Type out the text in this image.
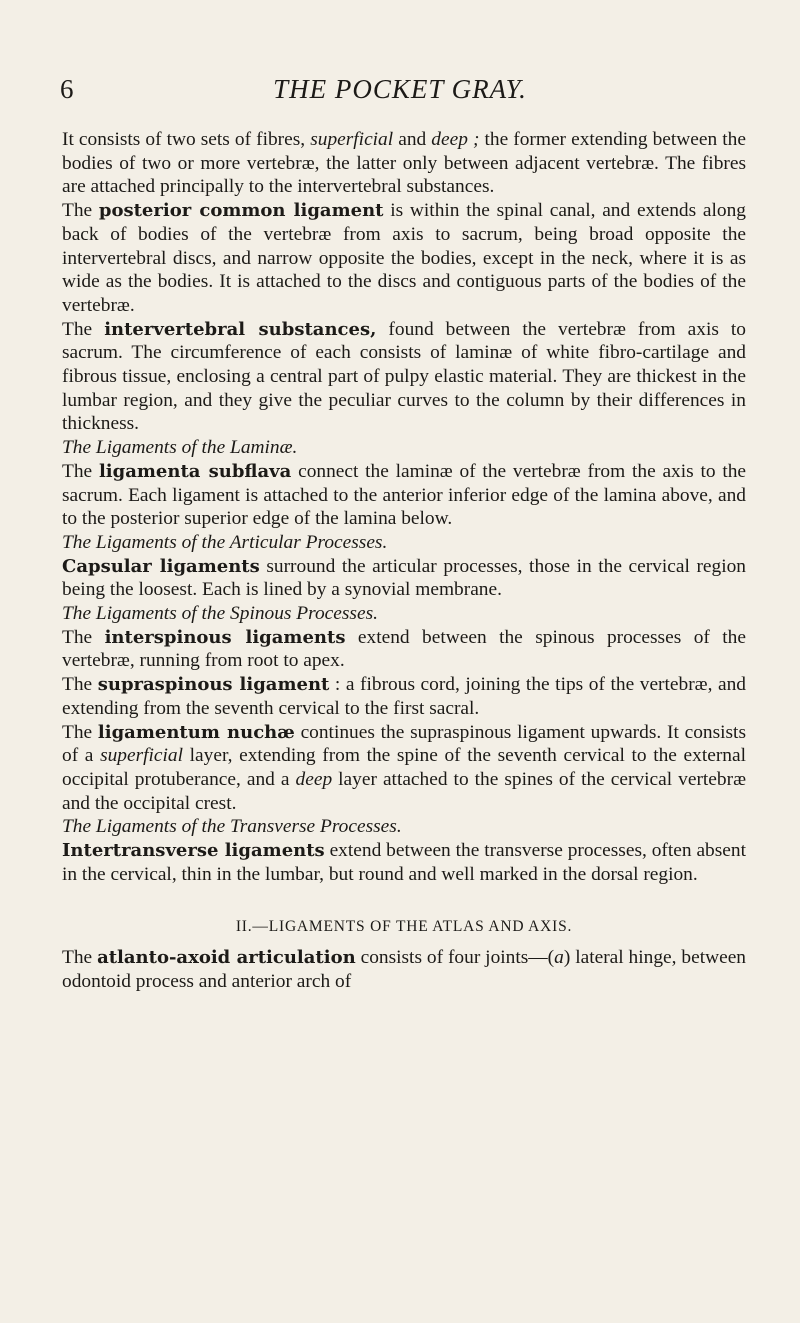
6	THE POCKET GRAY.

It consists of two sets of fibres, superficial and deep ; the former extending between the bodies of two or more vertebræ, the latter only between adjacent vertebræ. The fibres are attached principally to the intervertebral substances.

The posterior common ligament is within the spinal canal, and extends along back of bodies of the vertebræ from axis to sacrum, being broad opposite the intervertebral discs, and narrow opposite the bodies, except in the neck, where it is as wide as the bodies. It is attached to the discs and contiguous parts of the bodies of the vertebræ.

The intervertebral substances, found between the vertebræ from axis to sacrum. The circumference of each consists of laminæ of white fibro-cartilage and fibrous tissue, enclosing a central part of pulpy elastic material. They are thickest in the lumbar region, and they give the peculiar curves to the column by their differences in thickness.

The Ligaments of the Laminæ.

The ligamenta subflava connect the laminæ of the vertebræ from the axis to the sacrum. Each ligament is attached to the anterior inferior edge of the lamina above, and to the posterior superior edge of the lamina below.

The Ligaments of the Articular Processes.

Capsular ligaments surround the articular processes, those in the cervical region being the loosest. Each is lined by a synovial membrane.

The Ligaments of the Spinous Processes.

The interspinous ligaments extend between the spinous processes of the vertebræ, running from root to apex.

The supraspinous ligament : a fibrous cord, joining the tips of the vertebræ, and extending from the seventh cervical to the first sacral.

The ligamentum nuchæ continues the supraspinous ligament upwards. It consists of a superficial layer, extending from the spine of the seventh cervical to the external occipital protuberance, and a deep layer attached to the spines of the cervical vertebræ and the occipital crest.

The Ligaments of the Transverse Processes.

Intertransverse ligaments extend between the transverse processes, often absent in the cervical, thin in the lumbar, but round and well marked in the dorsal region.

II.—LIGAMENTS OF THE ATLAS AND AXIS.

The atlanto-axoid articulation consists of four joints—(a) lateral hinge, between odontoid process and anterior arch of
